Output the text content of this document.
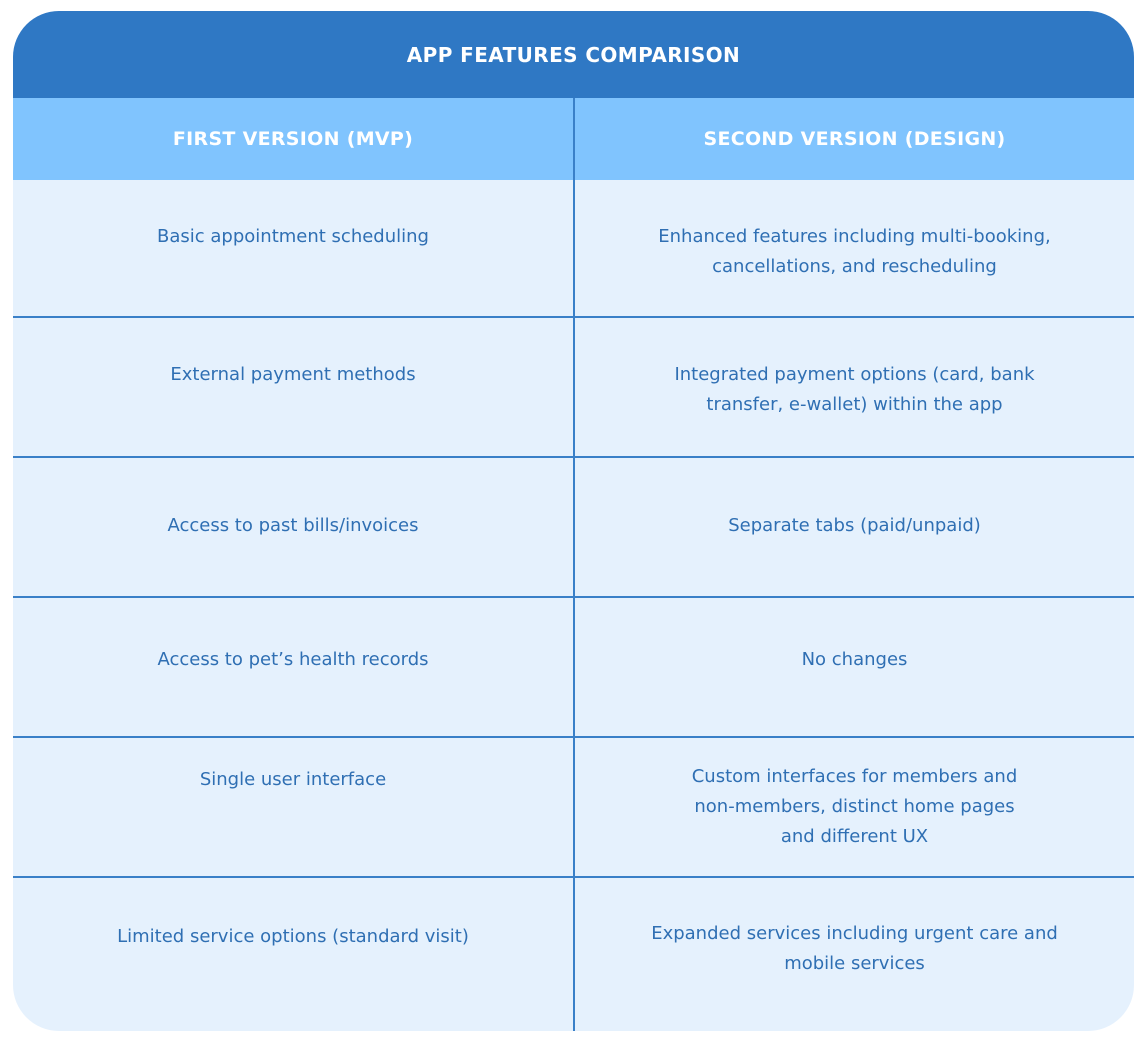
APP FEATURES COMPARISON
FIRST VERSION (MVP)	SECOND VERSION (DESIGN)
Basic appointment scheduling	Enhanced features including multi-booking, cancellations, and rescheduling
External payment methods	Integrated payment options (card, bank transfer, e-wallet) within the app
Access to past bills/invoices	Separate tabs (paid/unpaid)
Access to pet’s health records	No changes
Single user interface	Custom interfaces for members and non-members, distinct home pages and different UX
Limited service options (standard visit)	Expanded services including urgent care and mobile services
